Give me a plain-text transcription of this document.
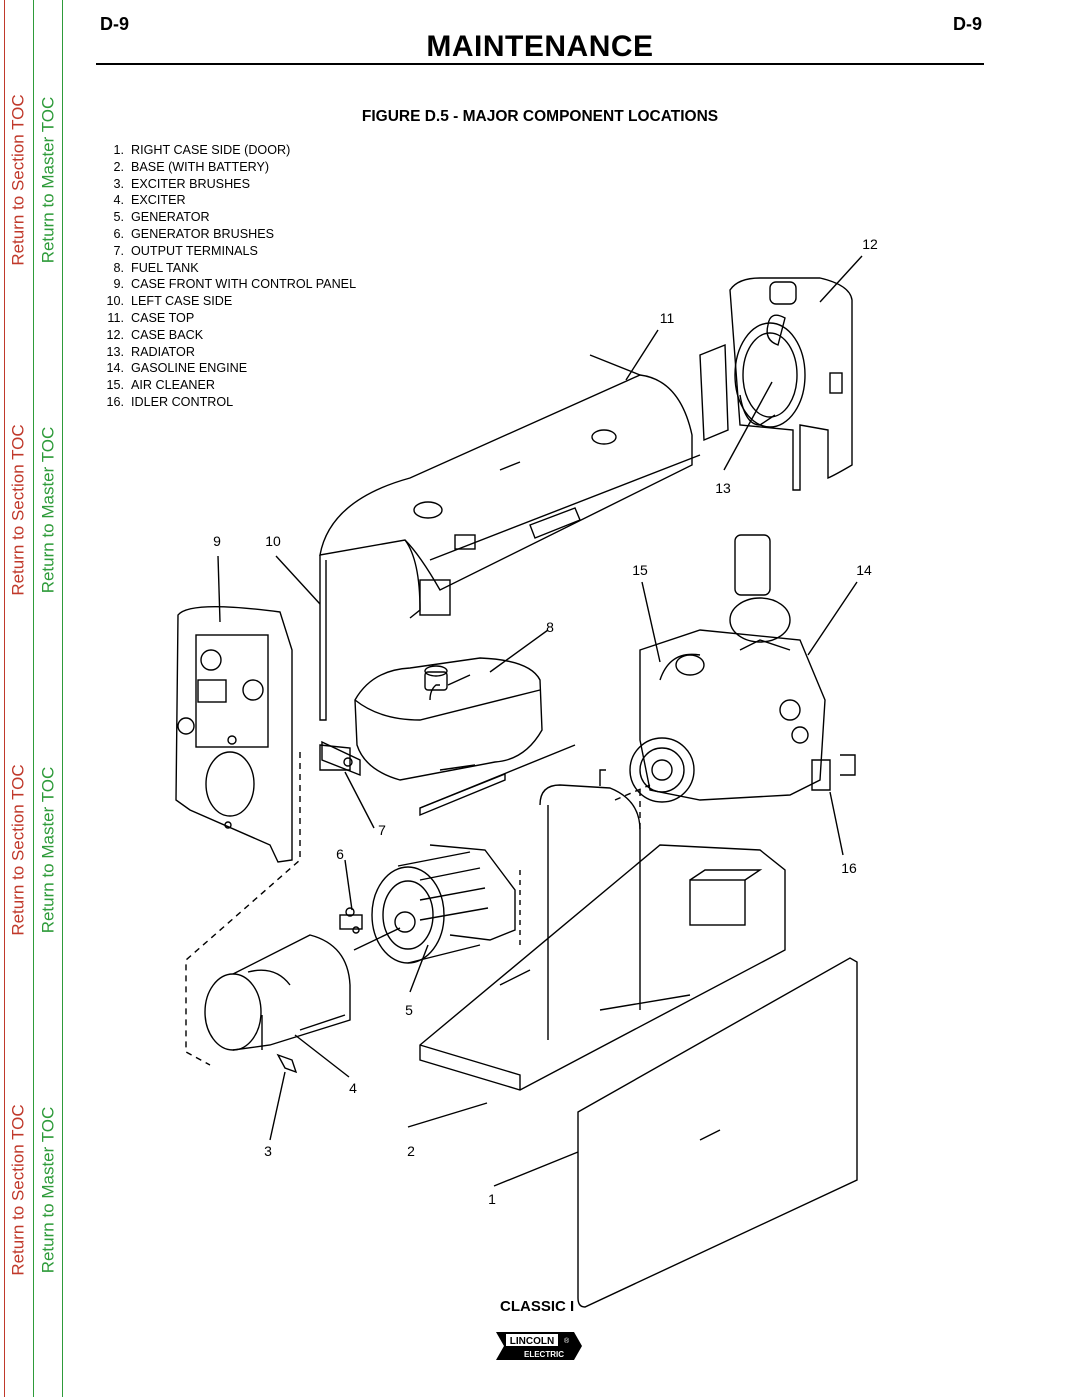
Return to Section TOC
Return to Section TOC
Return to Section TOC
Return to Section TOC
Return to Master TOC
Return to Master TOC
Return to Master TOC
Return to Master TOC
D-9	D-9
MAINTENANCE
FIGURE D.5 - MAJOR COMPONENT LOCATIONS
1. RIGHT CASE SIDE (DOOR)
2. BASE (WITH BATTERY)
3. EXCITER BRUSHES
4. EXCITER
5. GENERATOR
6. GENERATOR BRUSHES
7. OUTPUT TERMINALS
8. FUEL TANK
9. CASE FRONT WITH CONTROL PANEL
10. LEFT CASE SIDE
11. CASE TOP
12. CASE BACK
13. RADIATOR
14. GASOLINE ENGINE
15. AIR CLEANER
16. IDLER CONTROL
12
11
13
9	10
15	14
8
7
6
16
5
4
3	2
1
CLASSIC I
LINCOLN
ELECTRIC
®
